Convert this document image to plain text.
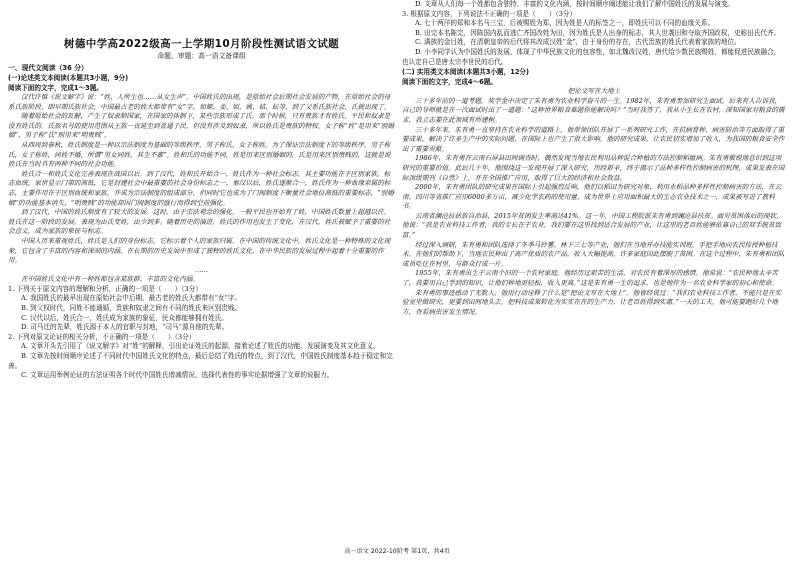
树德中学高2022级高一上学期10月阶段性测试语文试题

命题、审题：高一语文备课组

一、现代文阅读（36 分）

(一)论述类文本阅读(本题共3小题，9分)

阅读下面的文字，完成1～3题。

汉代许慎《说文解字》说：“姓，人所生也……从女生声”。中国姓氏的出现，是原始社会后期社会发展的产物，在原始社会的母系氏族阶段，即早期氏族社会，中国最古老的姓大都带有“女”字，如姬、姜、姒、姚、姞、妘等，到了父系氏族社会，氏就出现了。

随着原始社会的瓦解，产生了奴隶制国家，在国家的体制下，某些宗族形成了氏。那个时候，只有贵族才有姓氏，平民和奴隶是没有姓氏的。氏族名号的使用范围从王族一直延至到普通子民，但没有涉及到奴隶，所以姓氏是贵族的特权。女子称“姓”是用来“别婚姻”，男子称“氏”则用来“明贵贱”。

从西周到春秋，姓氏制度是一种以宗法制度为基础的等级秩序，男子称氏，女子称姓。为了保证宗法制度下的等级秩序，男子称氏，女子称姓，同姓不婚，所谓“男女同姓，其生不蕃”。姓和氏的功能不同，姓是用来区别婚姻的，氏是用来区别贵贱的，这就是说姓氏在当时具有两种不同的社会功能。

姓氏合一和姓氏文化完善表现在战国以后。到了汉代，姓和氏开始合一，姓氏作为一种社会标志，其主要功能在于区别家族，标志血统，家世显示门第的高低，它是封建社会中最重要的社会身份标志之一。秦汉以后，姓氏逐渐合一，姓氏作为一种血缘亲属的标志，主要作用在于区别血统和家族，并成为宗法制度的组成部分，但同时它也成为了门阀制度下衡量社会地位高低的重要标志，“别婚姻”的功能基本消失，“明贵贱”的功能却因门阀制度的盛行而得到空前强化。

到了汉代，中国的姓氏制度有了较大的发展。这时，由于宗法观念的强化，一般平民也开始有了姓，中国姓氏数量上超越以往。姓氏在这一阶段的发展，表现为由氏变姓，由少到多。随着历史的演进，姓氏的作用也发生了变化，在汉代，姓氏被赋予了重要的社会意义，成为家族的象征与标志。

中国人历来重视姓氏，姓氏是人们的身份标志，它标示着个人的家族归属。在中国的传统文化中，姓氏文化是一种特殊的文化现象，它包含了丰富的内容和深刻的内涵，在长期的历史发展中形成了独特的姓氏文化，在中华民族的发展过程中起着十分重要的作用。

……

在中国姓氏文化中有一种姓都包含某族群、丰富的文化内涵。

1. 下列关于原文内容的理解和分析，正确的一项是（　　）（3分）

A. 我国姓氏的最早出现在原始社会中后期，最古老的姓氏大都带有“女”字。

B. 到父权时代，同姓不能通婚，贵族和奴隶之间有不同的姓氏来区别贵贱。

C. 汉代以后，姓氏合一，姓氏成为家族的象征，民众都能够拥有姓氏。

D. 司马迁的先辈，姓氏源于本人的官职与封地，“司马”源自他的先辈。

2. 下列对原文论证的相关分析，不正确的一项是（　　）（3分）

A. 文章开头先引用了《说文解字》对“姓”的解释，引出论证姓氏的起源，接着论述了姓氏的功能、发展演变及其文化意义。

B. 文章先按时间顺序论述了不同时代中国姓氏文化的特点，最后总结了姓氏的特点，到了汉代，中国姓氏制度基本趋于稳定和完善。

C. 文章运用举例论证的方法证明各个时代中国姓氏增减情况，选择代表性的事实论据增强了文章的说服力。

D. 文章从人们每一个姓都包含独特、丰富的文化内涵，按时间顺序阐述能让我们了解中国姓氏的发展与演变。

3. 根据原文内容，下列说法不正确的一项是（　　）（3分）

A. 七十两洋的郑和本名马三宝，后被赐姓为郑，因为姓是人的标签之一，即姓氏可以不同的血缘关系。

B. 田完本名陈完，因陈国内乱而逃亡齐国改姓为田，因为姓氏是人出身的标志，其人世袭田和夺取齐国政权，史称田氏代齐。

C. 满族的金目姓，在清朝皇帝的后代将其改成汉姓“金”，由于身份的存在，古代贵族的姓氏代表着家族的地位。

D. 小李同学认为中国姓氏的发展，体现了中华民族文化的包容性，如北魏改汉姓，唐代给少数民族赐姓，都能促进民族融合，也认定自己是唐太宗李世民的后代。

(二) 实用类文本阅读(本题共3小题，12分)

阅读下面的文字，完成4～6题。

把论文写在大地上

三十多年前的一道考题，奖学金中决定了朱有勇为农业科学奋斗的一生。1982年，朱有勇参加研究生面试。后来有人告诉我，自己的导师就是在一次面试时出了一道题：“这种世界粮食难题你能解决吗？”当时我答了，我从小生长在农村，深知国家对粮食的需求，我立志要在此领域有所建树。

三十多年来，朱有勇一直坚持在农业科学的道路上，他带领团队开展了一系列研究工作，在抗病育种、病害防治等方面取得了重要成果，解决了许多生产中的实际问题，在国际上也产生了很大影响。他的研究成果，让农民切实增加了收入，为我国的粮食安全作出了重要贡献。

1986年，朱有勇在云南石屏县田间调查时，偶然发现当地农民利用品种混合种植的方法控制稻瘟病。朱有勇敏锐地意识到这项研究的重要价值。此后几十年，他围绕这一发现开展了深入研究，历经艰辛，终于揭示了品种多样性控制病害的机理，成果发表在国际顶级期刊《自然》上，并在全国推广应用，取得了巨大的经济和社会效益。

2000年，朱有勇团队的研究成果在国际上引起强烈反响，他们以稻田为研究对象，利用水稻品种多样性控制病害的方法，在云南、四川等省推广应用6000多万亩，减少化学农药的使用量，成为世界上应用面积最大的生态农业技术之一，成果被写进了教科书。

云南省澜沧拉祜族自治县，2015年贫困发生率高达41%。这一年，中国工程院派朱有勇到澜沧县扶贫。面对贫困落后的现状，他说：“我是农业科技工作者，我的专长在于农业，我们要在这里找到适合发展的产业，让这里的老百姓能够依靠自己的双手脱贫致富。”

经过深入调研，朱有勇和团队选择了冬季马铃薯、林下三七等产业，他们在当地开办技能实训班，手把手地向农民传授种植技术。在他们的帮助下，当地农民种出了高产优质的农产品，收入大幅提高，许多家庭因此摆脱了贫困。在这个过程中，朱有勇和团队成员吃住在村里，与群众打成一片。

1955年，朱有勇出生于云南个旧的一个农村家庭。他经历过艰苦的生活，对农民有着深厚的感情。他常说：“农民种地太辛苦了，我要用自己学到的知识，让他们种地更轻松，收入更高。”这是朱有勇一生的追求，也是他作为一名农业科学家的初心和使命。

朱有勇的事迹感动了无数人，他用行动诠释了什么是“把论文写在大地上”。他曾经说过：“我们农业科技工作者，不能只是在实验室里做研究，更要到田间地头去，把科技成果转化为实实在在的生产力，让老百姓得到实惠。”一天的工夫，他可能要跑好几个地方，查看病虫害发生情况。

高一语文 2022-10阶考 第1页，共4页
